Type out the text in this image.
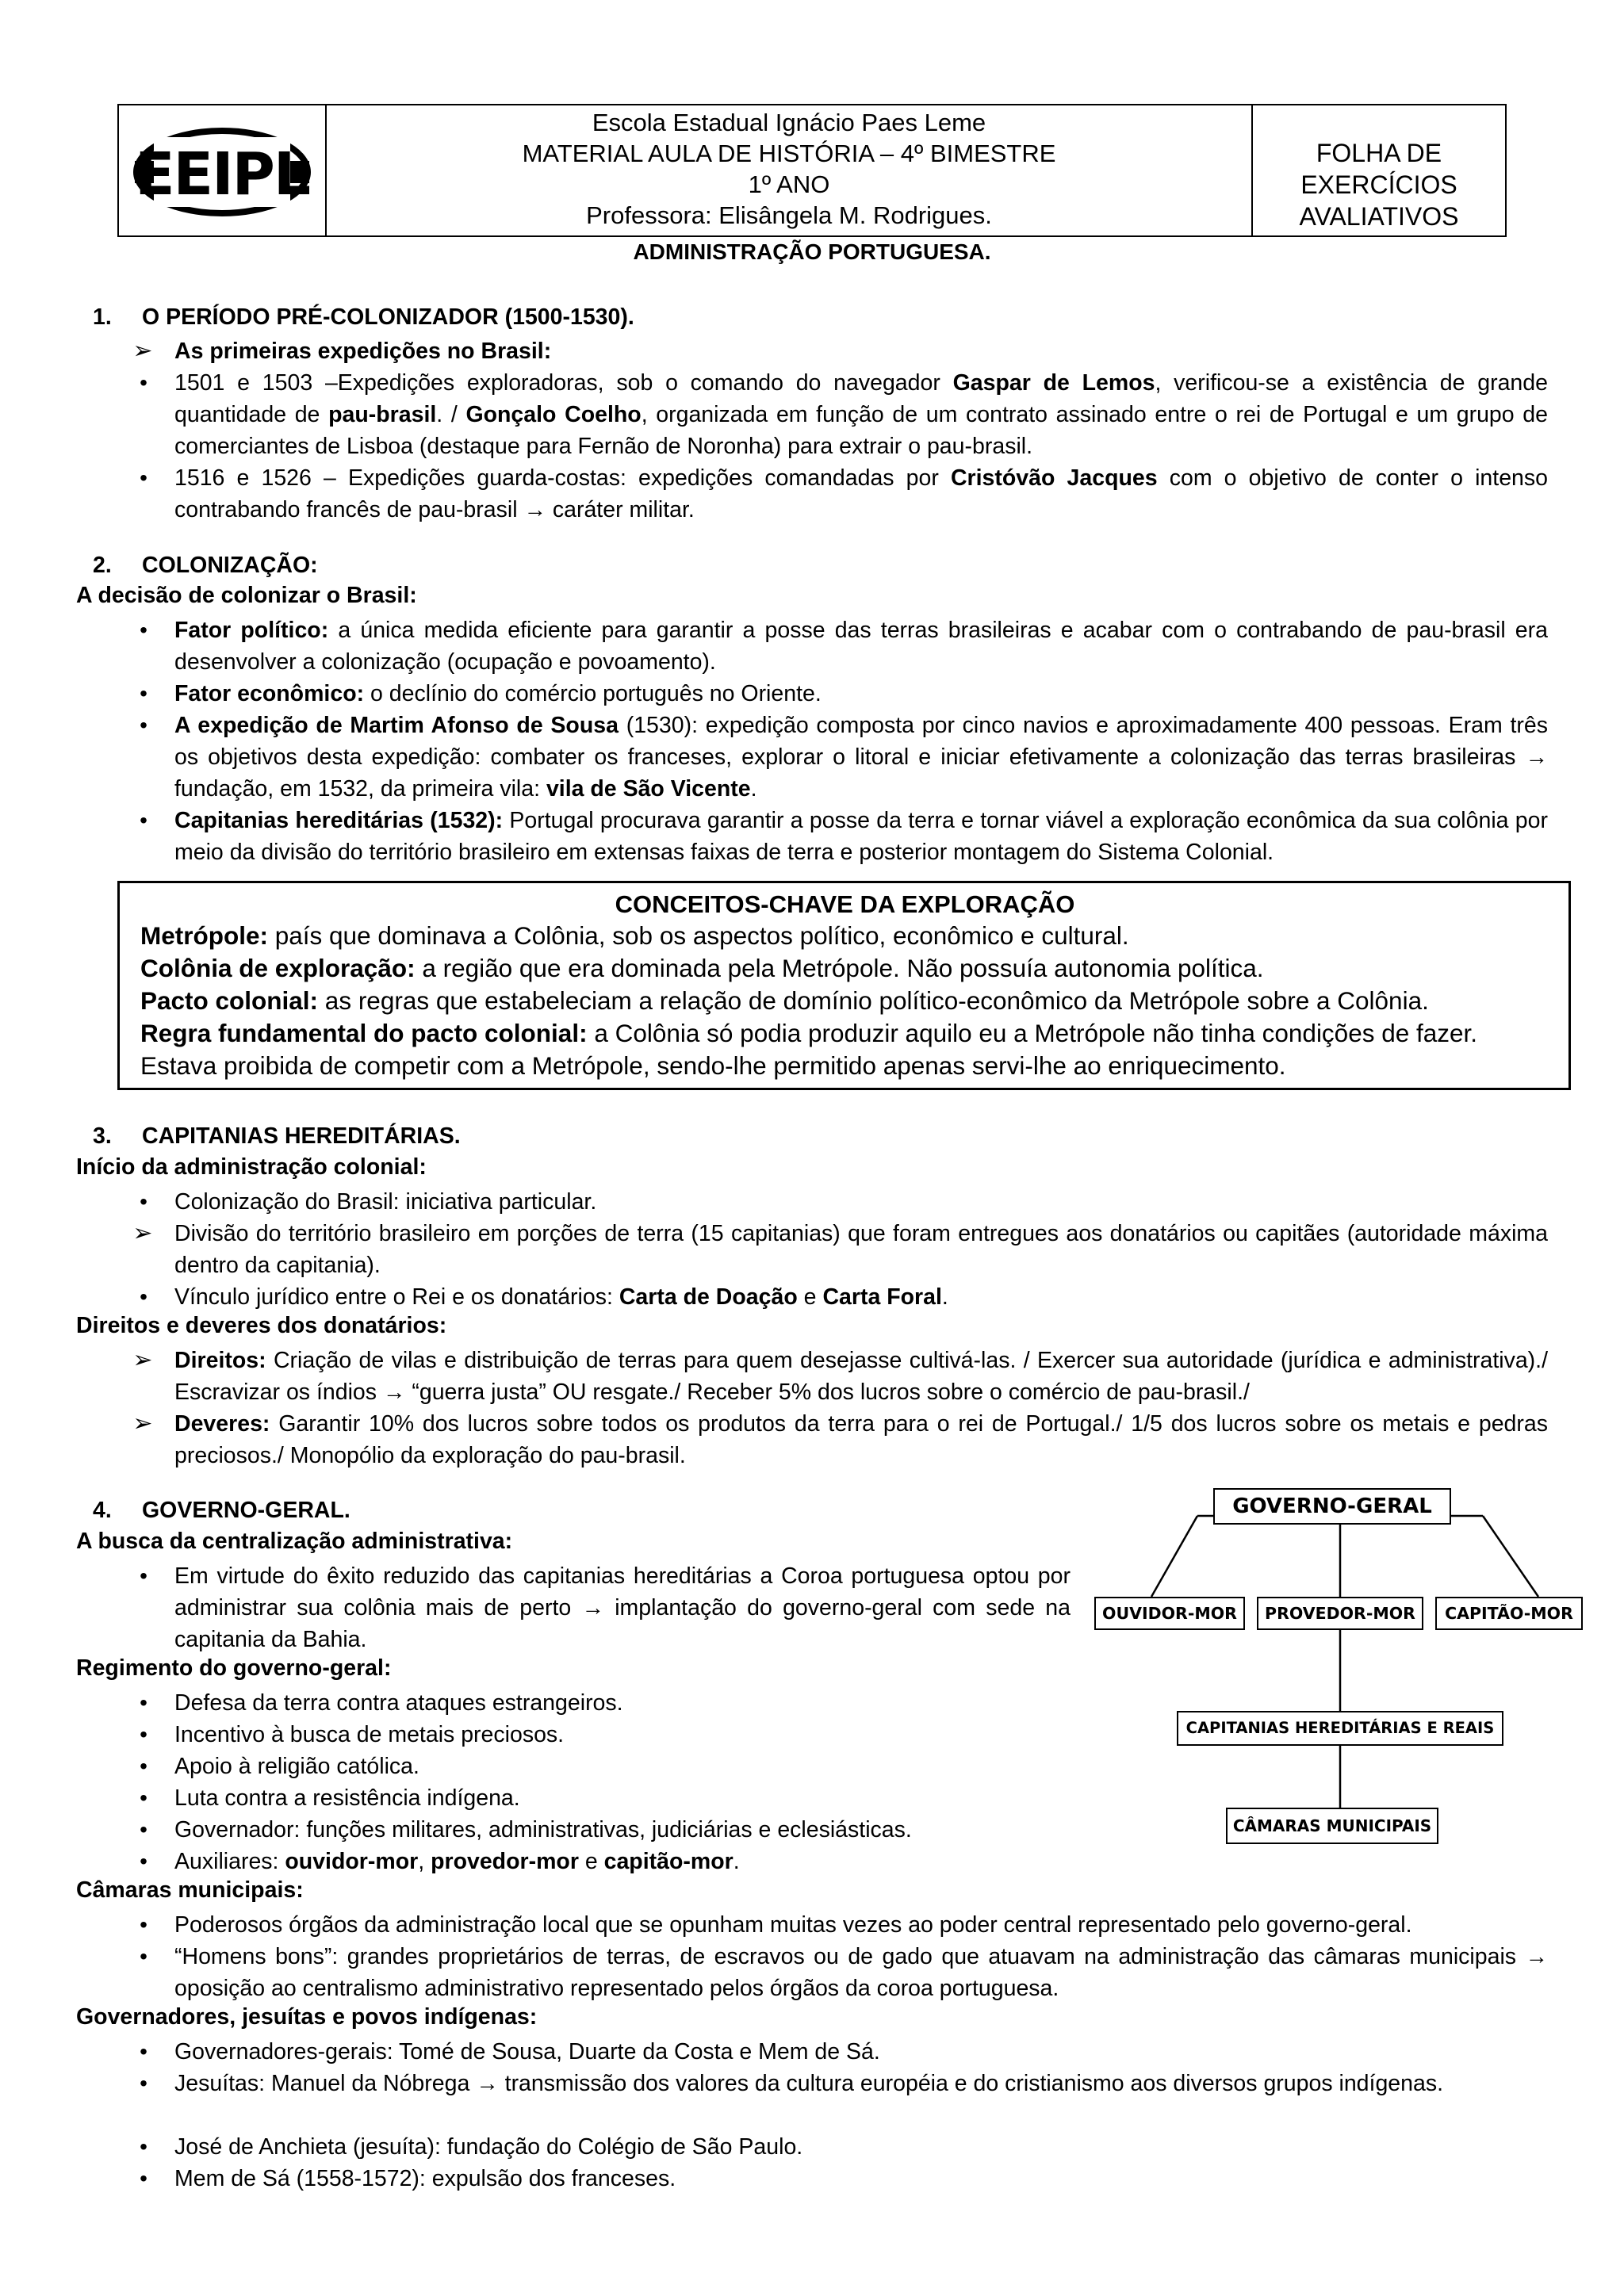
EEIPL
Escola Estadual Ignácio Paes Leme
MATERIAL AULA DE HISTÓRIA – 4º BIMESTRE
1º ANO
Professora: Elisângela M. Rodrigues.
FOLHA DE
EXERCÍCIOS
AVALIATIVOS
ADMINISTRAÇÃO PORTUGUESA.
1. O PERÍODO PRÉ-COLONIZADOR (1500-1530).
➢ As primeiras expedições no Brasil:
•	1501 e 1503 –Expedições exploradoras, sob o comando do navegador Gaspar de Lemos, verificou-se a existência de grande quantidade de pau-brasil. / Gonçalo Coelho, organizada em função de um contrato assinado entre o rei de Portugal e um grupo de comerciantes de Lisboa (destaque para Fernão de Noronha) para extrair o pau-brasil.
•	1516 e 1526 – Expedições guarda-costas: expedições comandadas por Cristóvão Jacques com o objetivo de conter o intenso contrabando francês de pau-brasil → caráter militar.
2. COLONIZAÇÃO:
A decisão de colonizar o Brasil:
•	Fator político: a única medida eficiente para garantir a posse das terras brasileiras e acabar com o contrabando de pau-brasil era desenvolver a colonização (ocupação e povoamento).
•	Fator econômico: o declínio do comércio português no Oriente.
•	A expedição de Martim Afonso de Sousa (1530): expedição composta por cinco navios e aproximadamente 400 pessoas. Eram três os objetivos desta expedição: combater os franceses, explorar o litoral e iniciar efetivamente a colonização das terras brasileiras → fundação, em 1532, da primeira vila: vila de São Vicente.
•	Capitanias hereditárias (1532): Portugal procurava garantir a posse da terra e tornar viável a exploração econômica da sua colônia por meio da divisão do território brasileiro em extensas faixas de terra e posterior montagem do Sistema Colonial.
CONCEITOS-CHAVE DA EXPLORAÇÃO
Metrópole: país que dominava a Colônia, sob os aspectos político, econômico e cultural.
Colônia de exploração: a região que era dominada pela Metrópole. Não possuía autonomia política.
Pacto colonial: as regras que estabeleciam a relação de domínio político-econômico da Metrópole sobre a Colônia.
Regra fundamental do pacto colonial: a Colônia só podia produzir aquilo eu a Metrópole não tinha condições de fazer. Estava proibida de competir com a Metrópole, sendo-lhe permitido apenas servi-lhe ao enriquecimento.
3. CAPITANIAS HEREDITÁRIAS.
Início da administração colonial:
•	Colonização do Brasil: iniciativa particular.
➢ Divisão do território brasileiro em porções de terra (15 capitanias) que foram entregues aos donatários ou capitães (autoridade máxima dentro da capitania).
•	Vínculo jurídico entre o Rei e os donatários: Carta de Doação e Carta Foral.
Direitos e deveres dos donatários:
➢ Direitos: Criação de vilas e distribuição de terras para quem desejasse cultivá-las. / Exercer sua autoridade (jurídica e administrativa)./ Escravizar os índios → “guerra justa” OU resgate./ Receber 5% dos lucros sobre o comércio de pau-brasil./
➢ Deveres: Garantir 10% dos lucros sobre todos os produtos da terra para o rei de Portugal./ 1/5 dos lucros sobre os metais e pedras preciosos./ Monopólio da exploração do pau-brasil.
4. GOVERNO-GERAL.
A busca da centralização administrativa:
•	Em virtude do êxito reduzido das capitanias hereditárias a Coroa portuguesa optou por administrar sua colônia mais de perto → implantação do governo-geral com sede na capitania da Bahia.
Regimento do governo-geral:
•	Defesa da terra contra ataques estrangeiros.
•	Incentivo à busca de metais preciosos.
•	Apoio à religião católica.
•	Luta contra a resistência indígena.
•	Governador: funções militares, administrativas, judiciárias e eclesiásticas.
•	Auxiliares: ouvidor-mor, provedor-mor e capitão-mor.
Câmaras municipais:
•	Poderosos órgãos da administração local que se opunham muitas vezes ao poder central representado pelo governo-geral.
•	“Homens bons”: grandes proprietários de terras, de escravos ou de gado que atuavam na administração das câmaras municipais → oposição ao centralismo administrativo representado pelos órgãos da coroa portuguesa.
Governadores, jesuítas e povos indígenas:
•	Governadores-gerais: Tomé de Sousa, Duarte da Costa e Mem de Sá.
•	Jesuítas: Manuel da Nóbrega → transmissão dos valores da cultura européia e do cristianismo aos diversos grupos indígenas.
•	José de Anchieta (jesuíta): fundação do Colégio de São Paulo.
•	Mem de Sá (1558-1572): expulsão dos franceses.
GOVERNO-GERAL
OUVIDOR-MOR	PROVEDOR-MOR	CAPITÃO-MOR
CAPITANIAS HEREDITÁRIAS E REAIS
CÂMARAS MUNICIPAIS
